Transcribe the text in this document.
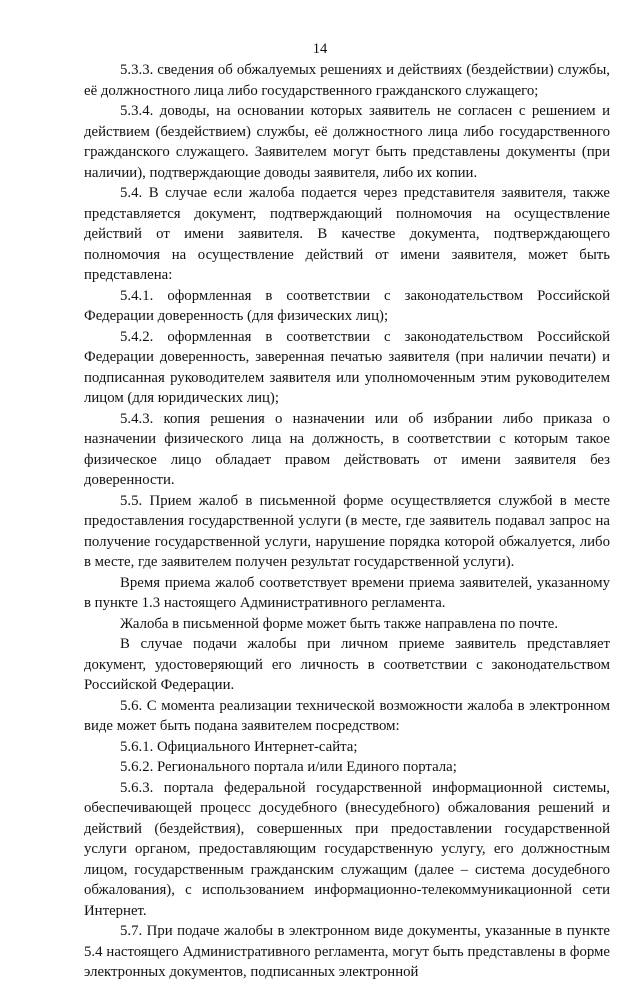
14

5.3.3. сведения об обжалуемых решениях и действиях (бездействии) службы, её должностного лица либо государственного гражданского служащего;

5.3.4. доводы, на основании которых заявитель не согласен с решением и действием (бездействием) службы, её должностного лица либо государственного гражданского служащего. Заявителем могут быть представлены документы (при наличии), подтверждающие доводы заявителя, либо их копии.

5.4. В случае если жалоба подается через представителя заявителя, также представляется документ, подтверждающий полномочия на осуществление действий от имени заявителя. В качестве документа, подтверждающего полномочия на осуществление действий от имени заявителя, может быть представлена:

5.4.1. оформленная в соответствии с законодательством Российской Федерации доверенность (для физических лиц);

5.4.2. оформленная в соответствии с законодательством Российской Федерации доверенность, заверенная печатью заявителя (при наличии печати) и подписанная руководителем заявителя или уполномоченным этим руководителем лицом (для юридических лиц);

5.4.3. копия решения о назначении или об избрании либо приказа о назначении физического лица на должность, в соответствии с которым такое физическое лицо обладает правом действовать от имени заявителя без доверенности.

5.5. Прием жалоб в письменной форме осуществляется службой в месте предоставления государственной услуги (в месте, где заявитель подавал запрос на получение государственной услуги, нарушение порядка которой обжалуется, либо в месте, где заявителем получен результат государственной услуги).

Время приема жалоб соответствует времени приема заявителей, указанному в пункте 1.3 настоящего Административного регламента.

Жалоба в письменной форме может быть также направлена по почте.

В случае подачи жалобы при личном приеме заявитель представляет документ, удостоверяющий его личность в соответствии с законодательством Российской Федерации.

5.6. С момента реализации технической возможности жалоба в электронном виде может быть подана заявителем посредством:

5.6.1. Официального Интернет-сайта;

5.6.2. Регионального портала и/или Единого портала;

5.6.3. портала федеральной государственной информационной системы, обеспечивающей процесс досудебного (внесудебного) обжалования решений и действий (бездействия), совершенных при предоставлении государственной услуги органом, предоставляющим государственную услугу, его должностным лицом, государственным гражданским служащим (далее – система досудебного обжалования), с использованием информационно-телекоммуникационной сети Интернет.

5.7. При подаче жалобы в электронном виде документы, указанные в пункте 5.4 настоящего Административного регламента, могут быть представлены в форме электронных документов, подписанных электронной
